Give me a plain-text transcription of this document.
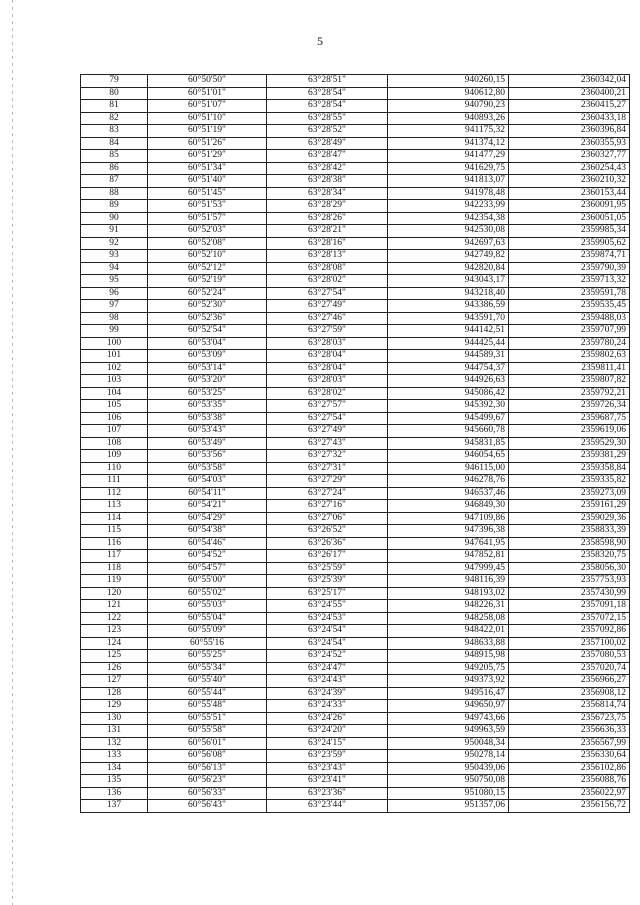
5
79	60°50'50"	63°28'51"	940260,15	2360342,04
80	60°51'01"	63°28'54"	940612,80	2360400,21
81	60°51'07"	63°28'54"	940790,23	2360415,27
82	60°51'10"	63°28'55"	940893,26	2360433,18
83	60°51'19"	63°28'52"	941175,32	2360396,84
84	60°51'26"	63°28'49"	941374,12	2360355,93
85	60°51'29"	63°28'47"	941477,29	2360327,77
86	60°51'34"	63°28'42"	941629,75	2360254,43
87	60°51'40"	63°28'38"	941813,07	2360210,32
88	60°51'45"	63°28'34"	941978,48	2360153,44
89	60°51'53"	63°28'29"	942233,99	2360091,95
90	60°51'57"	63°28'26"	942354,38	2360051,05
91	60°52'03"	63°28'21"	942530,08	2359985,34
92	60°52'08"	63°28'16"	942697,63	2359905,62
93	60°52'10"	63°28'13"	942749,82	2359874,71
94	60°52'12"	63°28'08"	942820,84	2359790,39
95	60°52'19"	63°28'02"	943043,17	2359713,32
96	60°52'24"	63°27'54"	943218,40	2359591,78
97	60°52'30"	63°27'49"	943386,59	2359535,45
98	60°52'36"	63°27'46"	943591,70	2359488,03
99	60°52'54"	63°27'59"	944142,51	2359707,99
100	60°53'04"	63°28'03"	944425,44	2359780,24
101	60°53'09"	63°28'04"	944589,31	2359802,63
102	60°53'14"	63°28'04"	944754,37	2359811,41
103	60°53'20"	63°28'03"	944926,63	2359807,82
104	60°53'25"	63°28'02"	945086,42	2359792,21
105	60°53'35"	63°27'57"	945392,30	2359726,34
106	60°53'38"	63°27'54"	945499,67	2359687,75
107	60°53'43"	63°27'49"	945660,78	2359619,06
108	60°53'49"	63°27'43"	945831,85	2359529,30
109	60°53'56"	63°27'32"	946054,65	2359381,29
110	60°53'58"	63°27'31"	946115,00	2359358,84
111	60°54'03"	63°27'29"	946278,76	2359335,82
112	60°54'11"	63°27'24"	946537,46	2359273,09
113	60°54'21"	63°27'16"	946849,30	2359161,29
114	60°54'29"	63°27'06"	947109,86	2359029,36
115	60°54'38"	63°26'52"	947396,38	2358833,39
116	60°54'46"	63°26'36"	947641,95	2358598,90
117	60°54'52"	63°26'17"	947852,81	2358320,75
118	60°54'57"	63°25'59"	947999,45	2358056,30
119	60°55'00"	63°25'39"	948116,39	2357753,93
120	60°55'02"	63°25'17"	948193,02	2357430,99
121	60°55'03"	63°24'55"	948226,31	2357091,18
122	60°55'04"	63°24'53"	948258,08	2357072,15
123	60°55'09"	63°24'54"	948422,01	2357092,86
124	60°55'16	63°24'54"	948633,88	2357100,02
125	60°55'25"	63°24'52"	948915,98	2357080,53
126	60°55'34"	63°24'47"	949205,75	2357020,74
127	60°55'40"	63°24'43"	949373,92	2356966,27
128	60°55'44"	63°24'39"	949516,47	2356908,12
129	60°55'48"	63°24'33"	949650,97	2356814,74
130	60°55'51"	63°24'26"	949743,66	2356723,75
131	60°55'58"	63°24'20"	949963,59	2356636,33
132	60°56'01"	63°24'15"	950048,34	2356567,99
133	60°56'08"	63°23'59"	950278,14	2356330,64
134	60°56'13"	63°23'43"	950439,06	2356102,86
135	60°56'23"	63°23'41"	950750,08	2356088,76
136	60°56'33"	63°23'36"	951080,15	2356022,97
137	60°56'43"	63°23'44"	951357,06	2356156,72
